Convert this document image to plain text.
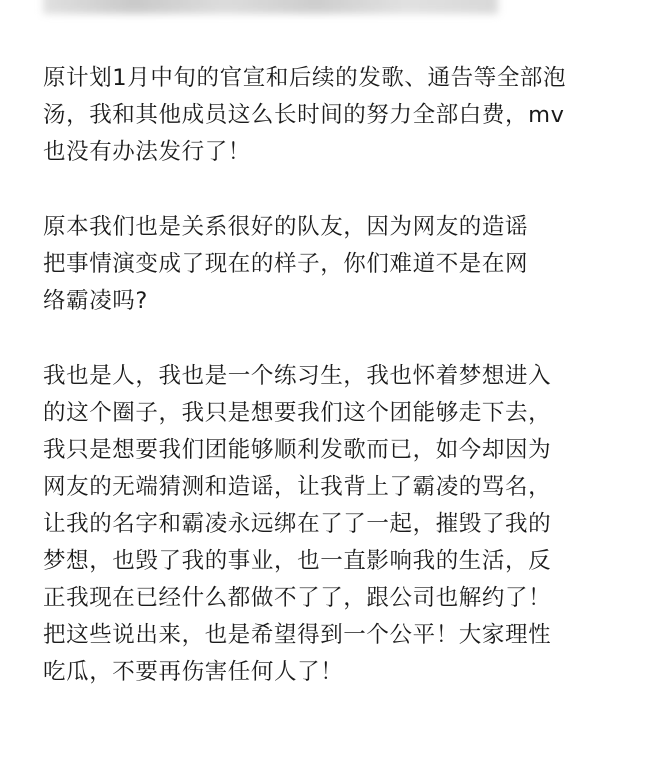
原计划1月中旬的官宣和后续的发歌、通告等全部泡
汤，我和其他成员这么长时间的努力全部白费，mv
也没有办法发行了！

原本我们也是关系很好的队友，因为网友的造谣
把事情演变成了现在的样子，你们难道不是在网
络霸凌吗?

我也是人，我也是一个练习生，我也怀着梦想进入
的这个圈子，我只是想要我们这个团能够走下去，
我只是想要我们团能够顺利发歌而已，如今却因为
网友的无端猜测和造谣，让我背上了霸凌的骂名，
让我的名字和霸凌永远绑在了了一起，摧毁了我的
梦想，也毁了我的事业，也一直影响我的生活，反
正我现在已经什么都做不了了，跟公司也解约了！
把这些说出来，也是希望得到一个公平！大家理性
吃瓜，不要再伤害任何人了！
